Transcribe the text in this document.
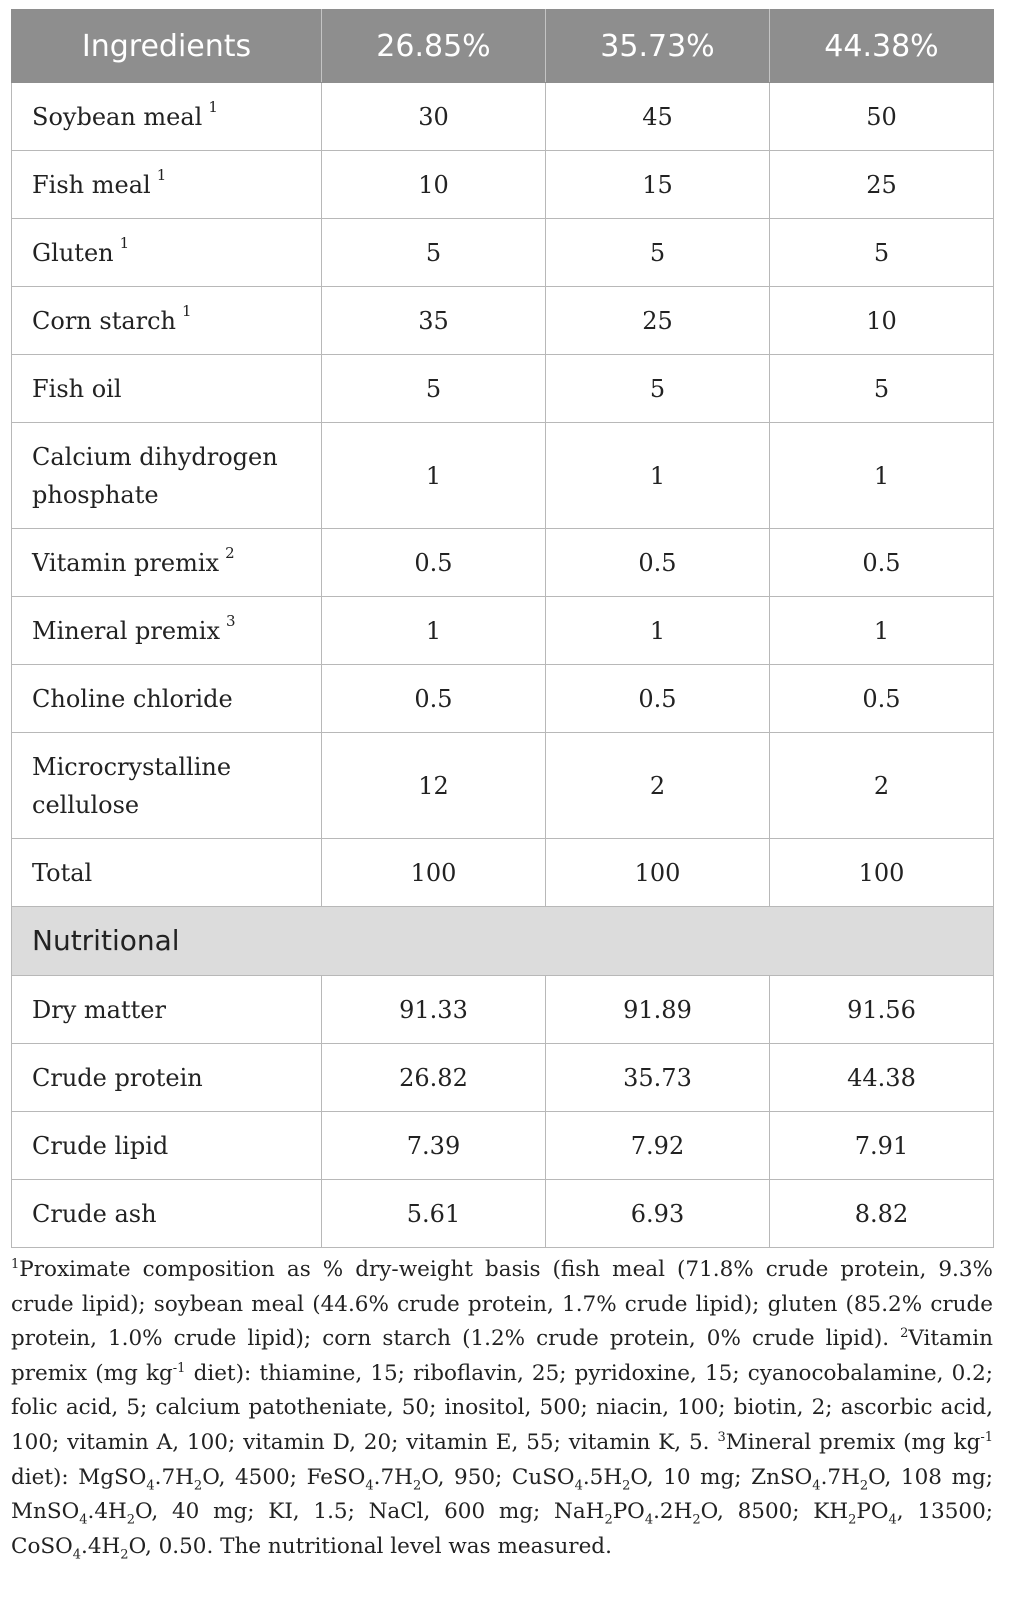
Ingredients	26.85%	35.73%	44.38%
Soybean meal $^1$	30	45	50
Fish meal $^1$	10	15	25
Gluten $^1$	5	5	5
Corn starch $^1$	35	25	10
Fish oil	5	5	5
Calcium dihydrogen phosphate	1	1	1
Vitamin premix $^2$	0.5	0.5	0.5
Mineral premix $^3$	1	1	1
Choline chloride	0.5	0.5	0.5
Microcrystalline cellulose	12	2	2
Total	100	100	100
Nutritional			
Dry matter	91.33	91.89	91.56
Crude protein	26.82	35.73	44.38
Crude lipid	7.39	7.92	7.91
Crude ash	5.61	6.93	8.82
$^1$Proximate composition as % dry-weight basis (fish meal (71.8% crude protein, 9.3% crude lipid); soybean meal (44.6% crude protein, 1.7% crude lipid); gluten (85.2% crude protein, 1.0% crude lipid); corn starch (1.2% crude protein, 0% crude lipid). $^2$Vitamin premix (mg $kg^{-1}$ diet): thiamine, 15; riboflavin, 25; pyridoxine, 15; cyanocobalamine, 0.2; folic acid, 5; calcium patotheniate, 50; inositol, 500; niacin, 100; biotin, 2; ascorbic acid, 100; vitamin A, 100; vitamin D, 20; vitamin E, 55; vitamin K, 5. $^3$Mineral premix (mg $kg^{-1}$ diet): $MgSO_4.7H_2O$, 4500; $FeSO_4.7H_2O$, 950; $CuSO_4.5H_2O$, 10 mg; $ZnSO_4.7H_2O$, 108 mg; $MnSO_4.4H_2O$, 40 mg; KI, 1.5; NaCl, 600 mg; $NaH_2PO_4.2H_2O$, 8500; $KH_2PO_4$, 13500; $CoSO_4.4H_2O$, 0.50. The nutritional level was measured.
